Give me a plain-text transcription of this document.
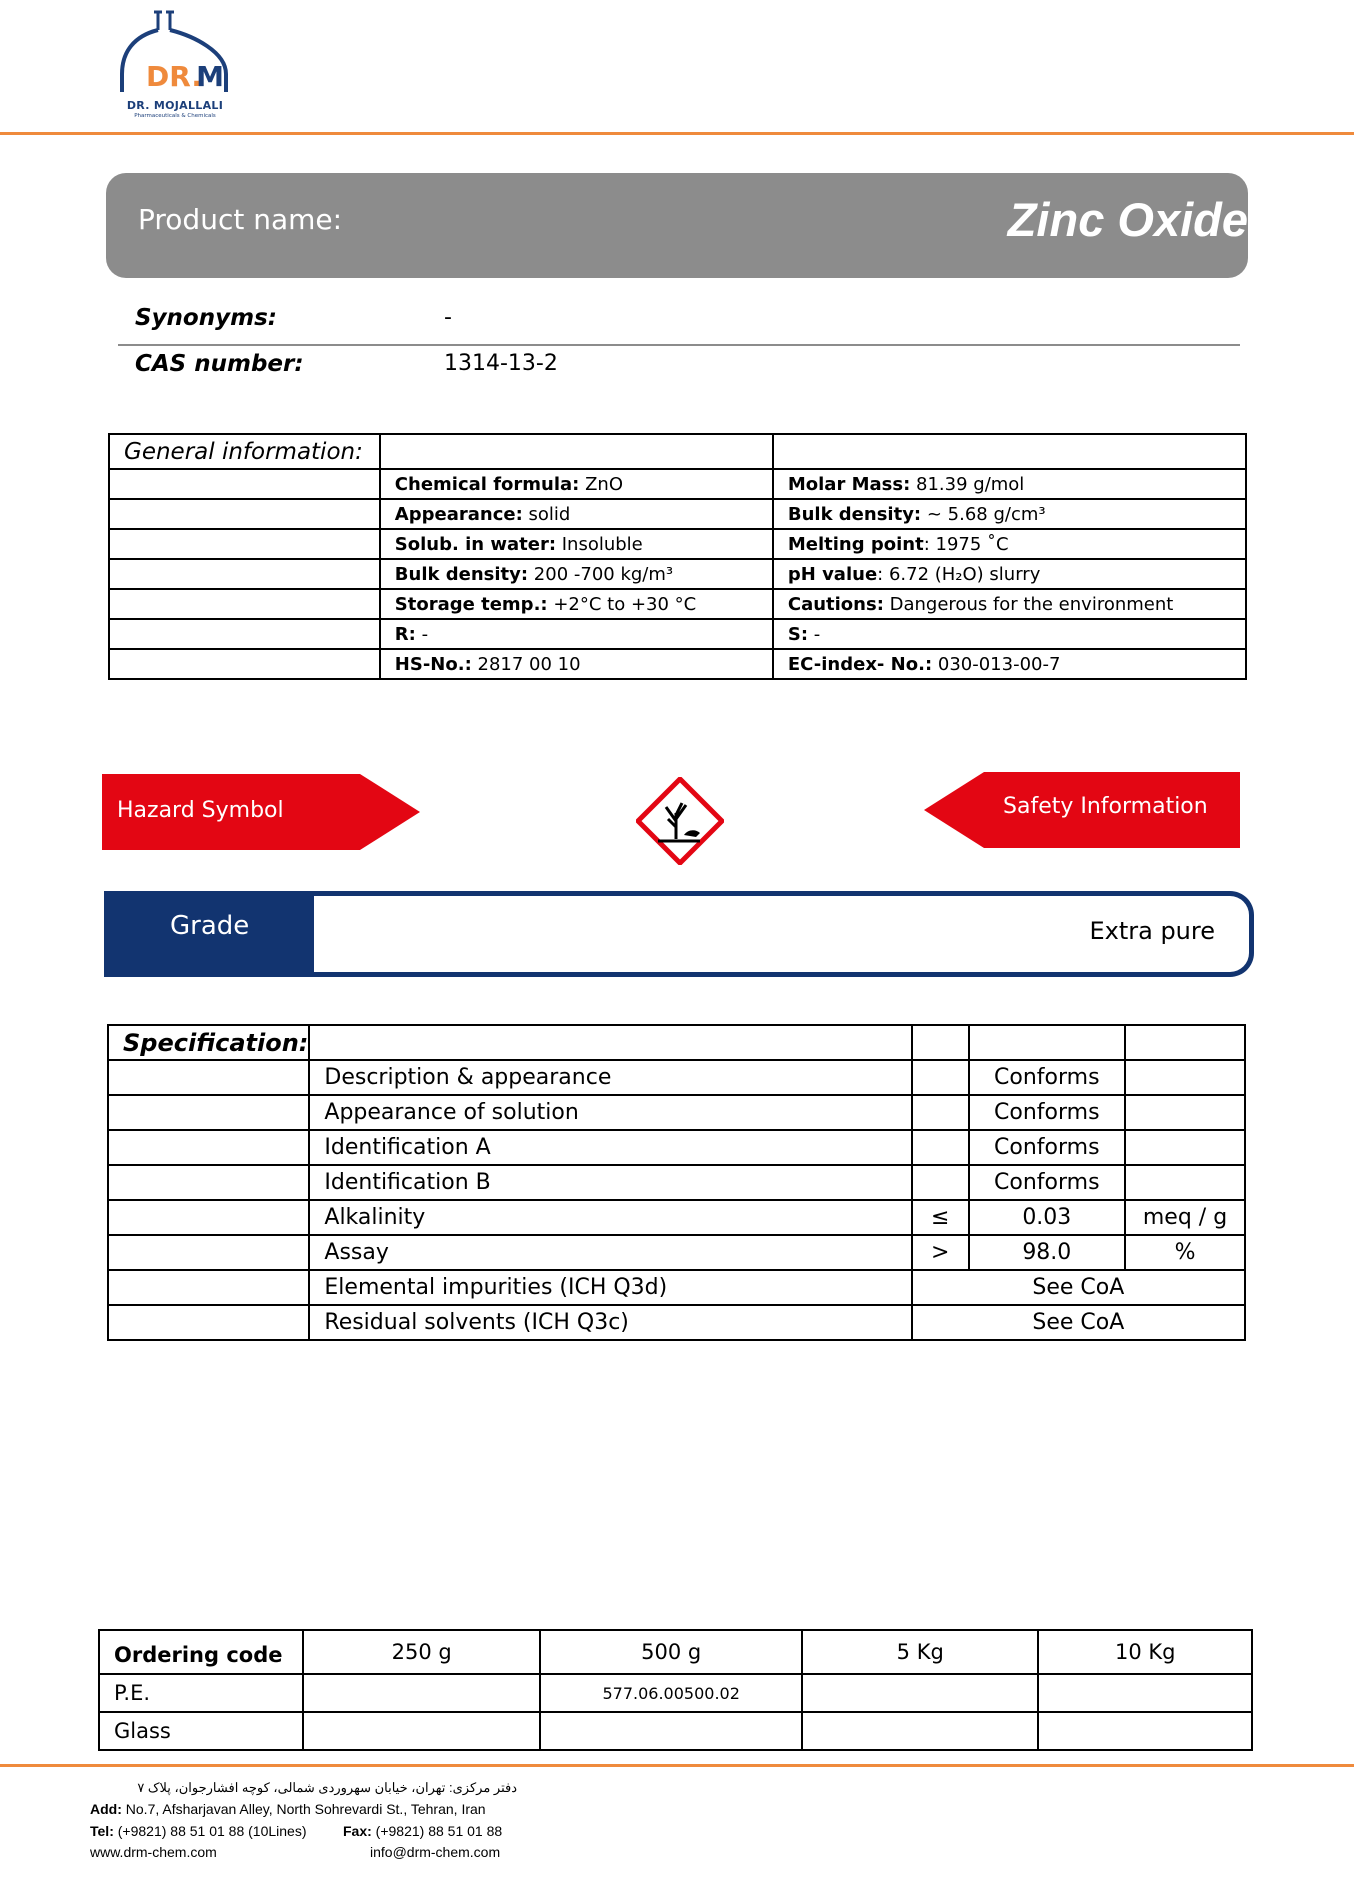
DR.
M
DR. MOJALLALI
Pharmaceuticals & Chemicals
Product name:	Zinc Oxide
Synonyms:	-
CAS number:	1314-13-2
General information:		
	Chemical formula: ZnO	Molar Mass: 81.39 g/mol
	Appearance: solid	Bulk density: ~ 5.68 g/cm³
	Solub. in water: Insoluble	Melting point: 1975 ˚C
	Bulk density: 200 -700 kg/m³	pH value: 6.72 (H₂O) slurry
	Storage temp.: +2°C to +30 °C	Cautions: Dangerous for the environment
	R: -	S: -
	HS-No.: 2817 00 10	EC-index- No.: 030-013-00-7
Hazard Symbol	Safety Information
Grade	Extra pure
Specification:				
	Description & appearance		Conforms	
	Appearance of solution		Conforms	
	Identification A		Conforms	
	Identification B		Conforms	
	Alkalinity	≤	0.03	meq / g
	Assay	>	98.0	%
	Elemental impurities (ICH Q3d)	See CoA		
	Residual solvents (ICH Q3c)	See CoA		
Ordering code	250 g	500 g	5 Kg	10 Kg
P.E.		577.06.00500.02		
Glass				
دفتر مرکزی: تهران، خیابان سهروردی شمالی، کوچه افشارجوان، پلاک ۷
Add: No.7, Afsharjavan Alley, North Sohrevardi St., Tehran, Iran
Tel: (+9821) 88 51 01 88 (10Lines)	Fax: (+9821) 88 51 01 88
www.drm-chem.com	info@drm-chem.com
